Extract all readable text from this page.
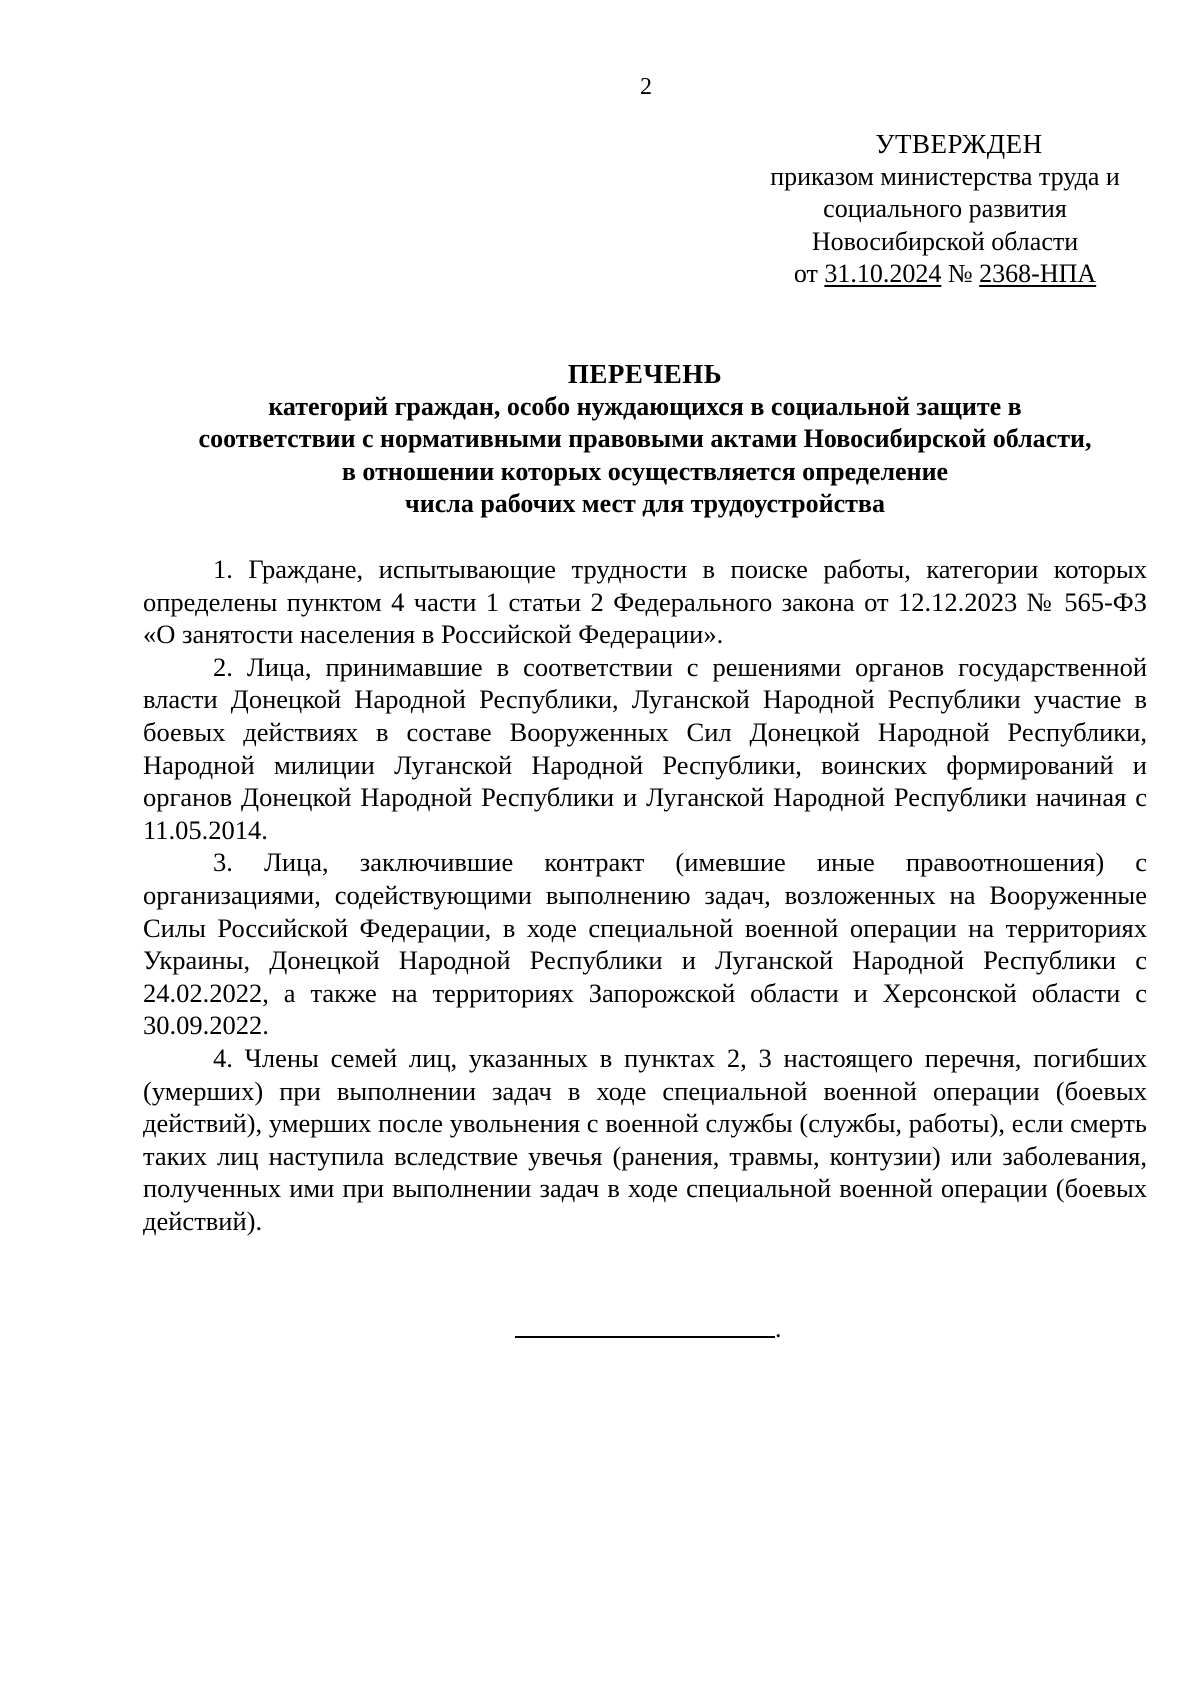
2
УТВЕРЖДЕН
приказом министерства труда и
социального развития
Новосибирской области
от 31.10.2024 № 2368-НПА
ПЕРЕЧЕНЬ
категорий граждан, особо нуждающихся в социальной защите в
соответствии с нормативными правовыми актами Новосибирской области,
в отношении которых осуществляется определение
числа рабочих мест для трудоустройства

1. Граждане, испытывающие трудности в поиске работы, категории которых определены пунктом 4 части 1 статьи 2 Федерального закона от 12.12.2023 № 565-ФЗ «О занятости населения в Российской Федерации».

2. Лица, принимавшие в соответствии с решениями органов государственной власти Донецкой Народной Республики, Луганской Народной Республики участие в боевых действиях в составе Вооруженных Сил Донецкой Народной Республики, Народной милиции Луганской Народной Республики, воинских формирований и органов Донецкой Народной Республики и Луганской Народной Республики начиная с 11.05.2014.

3. Лица, заключившие контракт (имевшие иные правоотношения) с организациями, содействующими выполнению задач, возложенных на Вооруженные Силы Российской Федерации, в ходе специальной военной операции на территориях Украины, Донецкой Народной Республики и Луганской Народной Республики с 24.02.2022, а также на территориях Запорожской области и Херсонской области с 30.09.2022.

4. Члены семей лиц, указанных в пунктах 2, 3 настоящего перечня, погибших (умерших) при выполнении задач в ходе специальной военной операции (боевых действий), умерших после увольнения с военной службы (службы, работы), если смерть таких лиц наступила вследствие увечья (ранения, травмы, контузии) или заболевания, полученных ими при выполнении задач в ходе специальной военной операции (боевых действий).

.
